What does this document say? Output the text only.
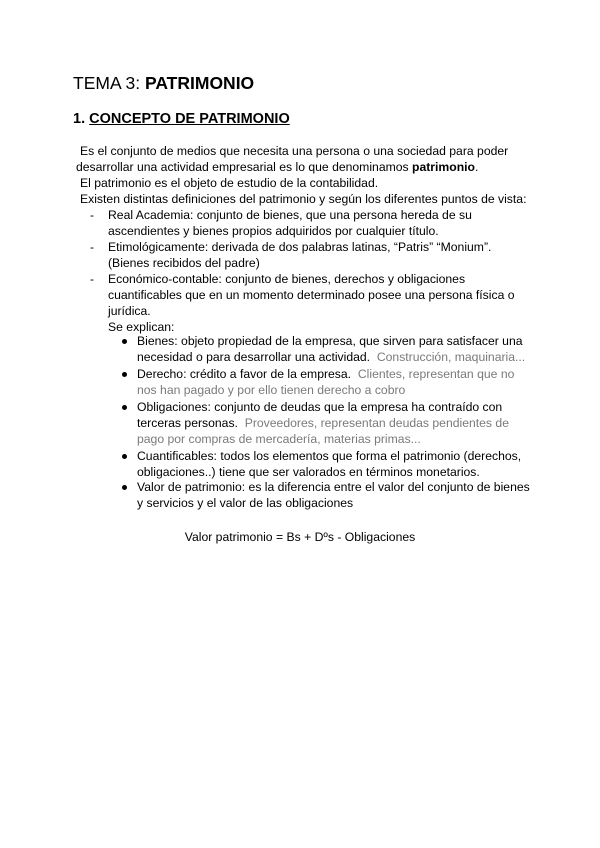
TEMA 3: PATRIMONIO
1. CONCEPTO DE PATRIMONIO
Es el conjunto de medios que necesita una persona o una sociedad para poder
desarrollar una actividad empresarial es lo que denominamos patrimonio.
El patrimonio es el objeto de estudio de la contabilidad.
Existen distintas definiciones del patrimonio y según los diferentes puntos de vista:
- Real Academia: conjunto de bienes, que una persona hereda de su
ascendientes y bienes propios adquiridos por cualquier título.
- Etimológicamente: derivada de dos palabras latinas, “Patris” “Monium”.
(Bienes recibidos del padre)
- Económico-contable: conjunto de bienes, derechos y obligaciones
cuantificables que en un momento determinado posee una persona física o
jurídica.
Se explican:
Bienes: objeto propiedad de la empresa, que sirven para satisfacer una
necesidad o para desarrollar una actividad. Construcción, maquinaria...
Derecho: crédito a favor de la empresa. Clientes, representan que no
nos han pagado y por ello tienen derecho a cobro
Obligaciones: conjunto de deudas que la empresa ha contraído con
terceras personas. Proveedores, representan deudas pendientes de
pago por compras de mercadería, materias primas...
Cuantificables: todos los elementos que forma el patrimonio (derechos,
obligaciones..) tiene que ser valorados en términos monetarios.
Valor de patrimonio: es la diferencia entre el valor del conjunto de bienes
y servicios y el valor de las obligaciones
Valor patrimonio = Bs + Dºs - Obligaciones
